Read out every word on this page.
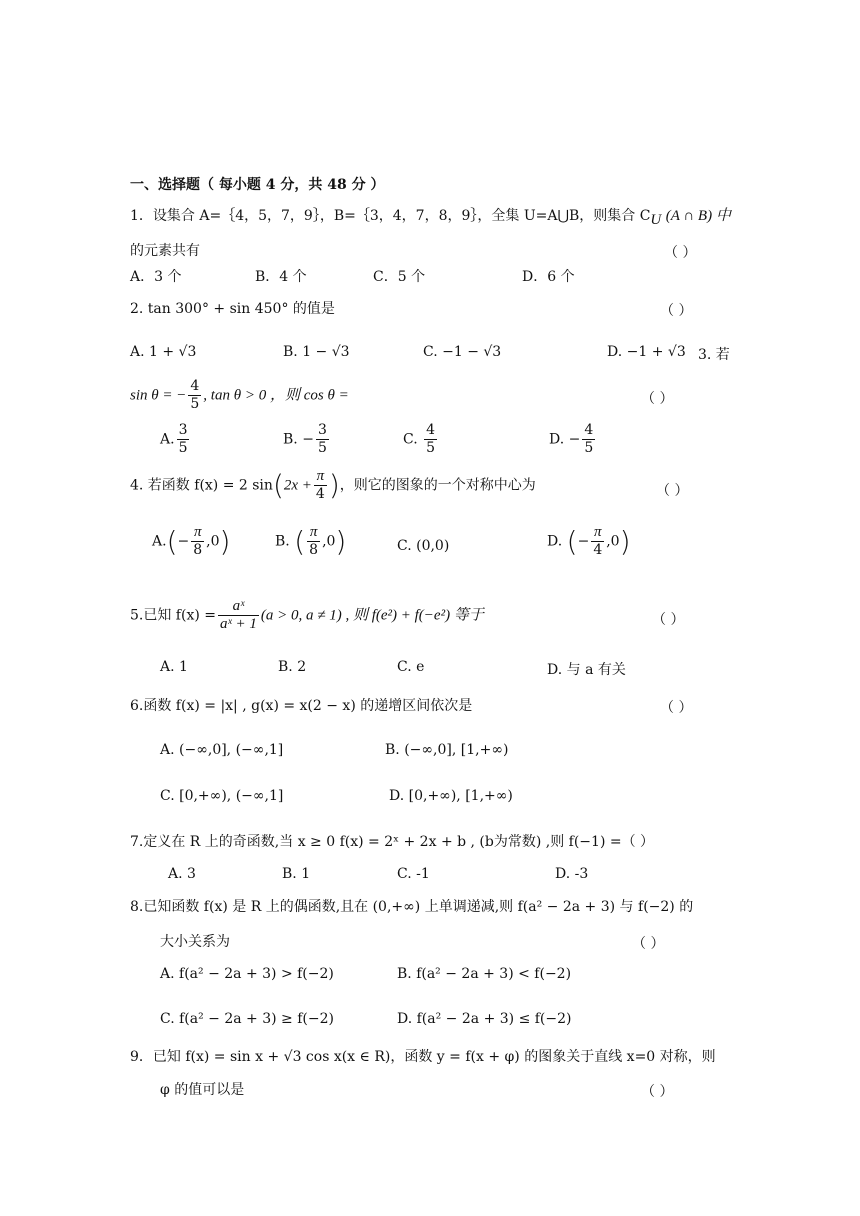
一、选择题（ 每小题 4 分，共 48 分 ）
1．设集合 A=｛4，5，7，9｝，B=｛3，4，7，8，9｝，全集 U=A⋃B，则集合 $C_U$ (A ∩ B) 中
的元素共有	（ ）
A．3 个	B．4 个	C．5 个	D．6 个
2. tan 300° + sin 450° 的值是	（ ）
A. 1 + √3	B. 1 − √3	C. −1 − √3	D. −1 + √3 3. 若
sin θ = − $\frac{4}{5}$ , tan θ > 0 ，则 cos θ =	（ ）
A. $\frac{3}{5}$	B. − $\frac{3}{5}$	C. $\frac{4}{5}$	D. − $\frac{4}{5}$
4. 若函数 f(x) = 2 $\sin(2x + \frac{\pi}{4}$ )，则它的图象的一个对称中心为	（ ）
$A.(- \frac{\pi}{8} ,0)$	B. ( $\frac{\pi}{8} ,0$)	C. (0,0)	D. (− $\frac{\pi}{4} ,0$)
5.已知 $f(x) = \frac{\text{aˣ}}{\text{aˣ + 1}} (a > 0$, a ≠ 1) , 则 f(e²) + f(−e²) 等于	（ ）
A. 1	B. 2	C. e	D. 与 a 有关
6.函数 f(x) = |x| , g(x) = x(2 − x) 的递增区间依次是	（ ）
A. (−∞,0], (−∞,1]	B. (−∞,0], [1,+∞)
C. [0,+∞), (−∞,1]	D. [0,+∞), [1,+∞)
7.定义在 R 上的奇函数,当 x ≥ 0 f(x) = 2ˣ + 2x + b , (b为常数) ,则 f(−1) =（ ）
A. 3	B. 1	C. -1	D. -3
8.已知函数 f(x) 是 R 上的偶函数,且在 (0,+∞) 上单调递减,则 f(a² − 2a + 3) 与 f(−2) 的
大小关系为	（ ）
A. f(a² − 2a + 3) > f(−2)	B. f(a² − 2a + 3) < f(−2)
C. f(a² − 2a + 3) ≥ f(−2)	D. f(a² − 2a + 3) ≤ f(−2)
9．已知 f(x) = sin x + √3 cos x(x ∈ R)，函数 y = f(x + φ) 的图象关于直线 x=0 对称，则
φ 的值可以是	（ ）
